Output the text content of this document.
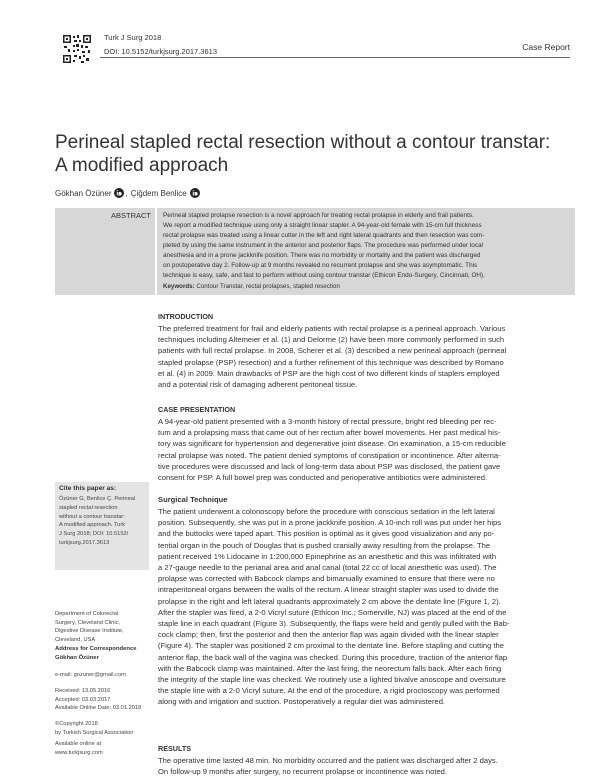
Turk J Surg 2018
DOI: 10.5152/turkjsurg.2017.3613	Case Report
Perineal stapled rectal resection without a contour transtar:
A modified approach
Gökhan Özüner , Çiğdem Benlice
ABSTRACT Perineal stapled prolapse resection is a novel approach for treating rectal prolapse in elderly and frail patients.
We report a modified technique using only a straight linear stapler. A 94-year-old female with 15-cm full thickness
rectal prolapse was treated using a linear cutter in the left and right lateral quadrants and then resection was com-
pleted by using the same instrument in the anterior and posterior flaps. The procedure was performed under local
anesthesia and in a prone jackknife position. There was no morbidity or mortality and the patient was discharged
on postoperative day 2. Follow-up at 9 months revealed no recurrent prolapse and she was asymptomatic. This
technique is easy, safe, and fast to perform without using contour transtar (Ethicon Endo-Surgery, Cincinnati, OH).
Keywords: Contour Transtar, rectal prolapses, stapled resection
INTRODUCTION
The preferred treatment for frail and elderly patients with rectal prolapse is a perineal approach. Various
techniques including Altemeier et al. (1) and Delorme (2) have been more commonly performed in such
patients with full rectal prolapse. In 2008, Scherer et al. (3) described a new perineal approach (perineal
stapled prolapse (PSP) resection) and a further refinement of this technique was described by Romano
et al. (4) in 2009. Main drawbacks of PSP are the high cost of two different kinds of staplers employed
and a potential risk of damaging adherent peritoneal tissue.
CASE PRESENTATION
A 94-year-old patient presented with a 3-month history of rectal pressure, bright red bleeding per rec-
tum and a prolapsing mass that came out of her rectum after bowel movements. Her past medical his-
tory was significant for hypertension and degenerative joint disease. On examination, a 15-cm reducible
rectal prolapse was noted. The patient denied symptoms of constipation or incontinence. After alterna-
tive procedures were discussed and lack of long-term data about PSP was disclosed, the patient gave
consent for PSP. A full bowel prep was conducted and perioperative antibiotics were administered.
Surgical Technique
The patient underwent a colonoscopy before the procedure with conscious sedation in the left lateral
position. Subsequently, she was put in a prone jackknife position. A 10-inch roll was put under her hips
and the buttocks were taped apart. This position is optimal as it gives good visualization and any po-
tential organ in the pouch of Douglas that is pushed cranially away resulting from the prolapse. The
patient received 1% Lidocaine in 1:200,000 Epinephrine as an anesthetic and this was infiltrated with
a 27-gauge needle to the perianal area and anal canal (total 22 cc of local anesthetic was used). The
prolapse was corrected with Babcock clamps and bimanually examined to ensure that there were no
intraperitoneal organs between the walls of the rectum. A linear straight stapler was used to divide the
prolapse in the right and left lateral quadrants approximately 2 cm above the dentate line (Figure 1, 2).
After the stapler was fired, a 2-0 Vicryl suture (Ethicon Inc.; Somerville, NJ) was placed at the end of the
staple line in each quadrant (Figure 3). Subsequently, the flaps were held and gently pulled with the Bab-
cock clamp; then, first the posterior and then the anterior flap was again divided with the linear stapler
(Figure 4). The stapler was positioned 2 cm proximal to the dentate line. Before stapling and cutting the
anterior flap, the back wall of the vagina was checked. During this procedure, traction of the anterior flap
with the Babcock clamp was maintained. After the last firing, the neorectum falls back. After each firing
the integrity of the staple line was checked. We routinely use a lighted bivalve anoscope and oversuture
the staple line with a 2-0 Vicryl suture. At the end of the procedure, a rigid proctoscopy was performed
along with and irrigation and suction. Postoperatively a regular diet was administered.
RESULTS
The operative time lasted 48 min. No morbidity occurred and the patient was discharged after 2 days.
On follow-up 9 months after surgery, no recurrent prolapse or incontinence was noted.
Cite this paper as:
Özüner G, Benlice Ç. Perineal
stapled rectal resection
without a contour transtar:
A modified approach. Turk
J Surg 2018; DOI: 10.5152/
turkjsurg.2017.3613
Department of Colorectal
Surgery, Cleveland Clinic,
Digestive Disease Institute,
Cleveland, USA
Address for Correspondence
Gökhan Özüner
e-mail: gozuner@gmail.com
Received: 13.05.2016
Accepted: 03.03.2017
Available Online Date: 03.01.2018
©Copyright 2018
by Turkish Surgical Association
Available online at
www.turkjsurg.com
